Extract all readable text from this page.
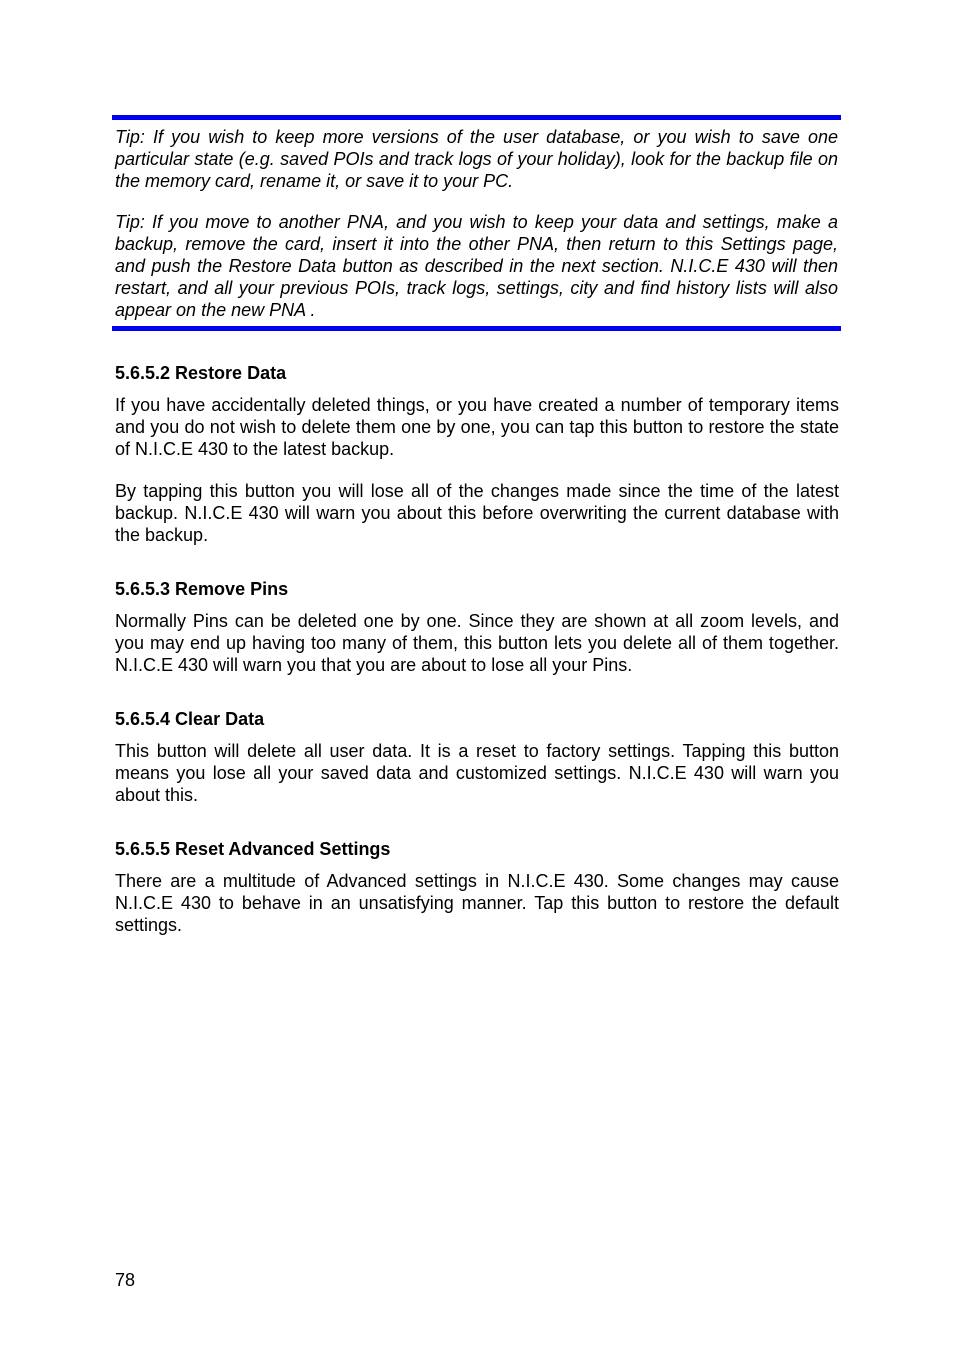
Tip: If you wish to keep more versions of the user database, or you wish to save one particular state (e.g. saved POIs and track logs of your holiday), look for the backup file on the memory card, rename it, or save it to your PC.

Tip: If you move to another PNA, and you wish to keep your data and settings, make a backup, remove the card, insert it into the other PNA, then return to this Settings page, and push the Restore Data button as described in the next section. N.I.C.E 430 will then restart, and all your previous POIs, track logs, settings, city and find history lists will also appear on the new PNA .

5.6.5.2 Restore Data

If you have accidentally deleted things, or you have created a number of temporary items and you do not wish to delete them one by one, you can tap this button to restore the state of N.I.C.E 430 to the latest backup.

By tapping this button you will lose all of the changes made since the time of the latest backup. N.I.C.E 430 will warn you about this before overwriting the current database with the backup.

5.6.5.3 Remove Pins

Normally Pins can be deleted one by one. Since they are shown at all zoom levels, and you may end up having too many of them, this button lets you delete all of them together. N.I.C.E 430 will warn you that you are about to lose all your Pins.

5.6.5.4 Clear Data

This button will delete all user data. It is a reset to factory settings. Tapping this button means you lose all your saved data and customized settings. N.I.C.E 430 will warn you about this.

5.6.5.5 Reset Advanced Settings

There are a multitude of Advanced settings in N.I.C.E 430. Some changes may cause N.I.C.E 430 to behave in an unsatisfying manner. Tap this button to restore the default settings.

78
